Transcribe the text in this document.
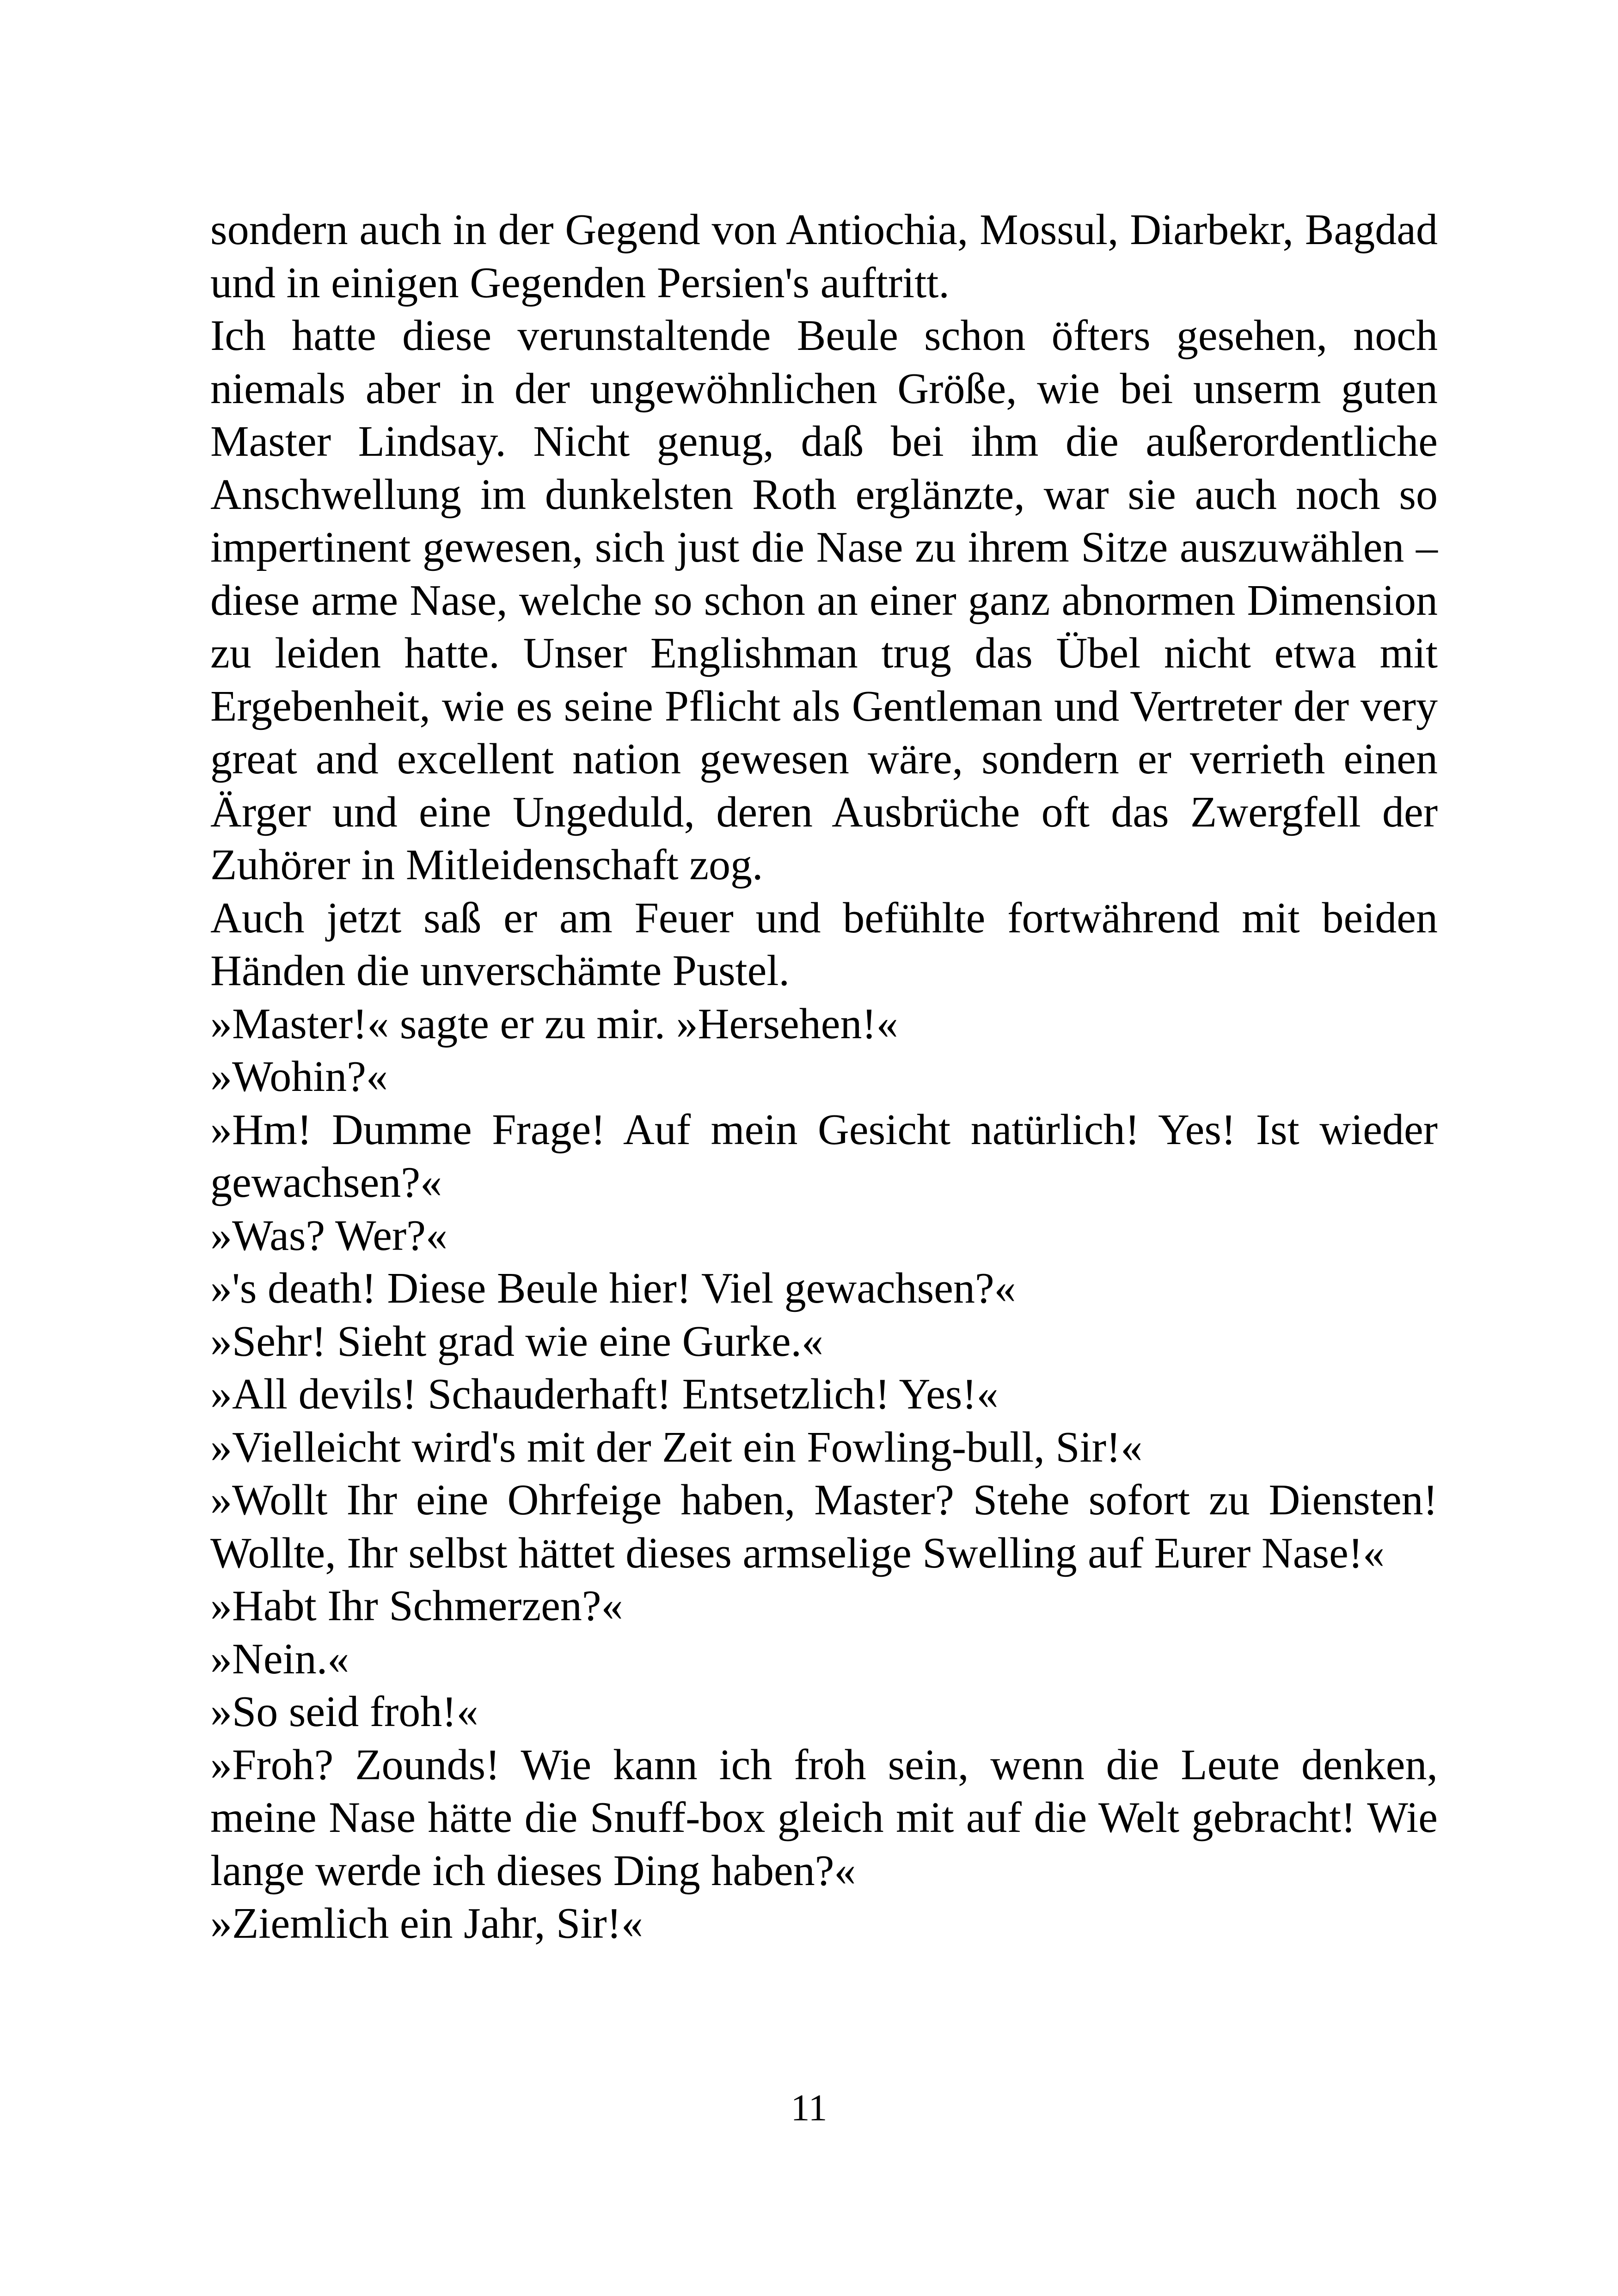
sondern auch in der Gegend von Antiochia, Mossul, Diarbekr, Bagdad und in einigen Gegenden Persien's auftritt.

Ich hatte diese verunstaltende Beule schon öfters gesehen, noch niemals aber in der ungewöhnlichen Größe, wie bei unserm guten Master Lindsay. Nicht genug, daß bei ihm die außerordentliche Anschwellung im dunkelsten Roth erglänzte, war sie auch noch so impertinent gewesen, sich just die Nase zu ihrem Sitze auszuwählen – diese arme Nase, welche so schon an einer ganz abnormen Dimension zu leiden hatte. Unser Englishman trug das Übel nicht etwa mit Ergebenheit, wie es seine Pflicht als Gentleman und Vertreter der very great and excellent nation gewesen wäre, sondern er verrieth einen Ärger und eine Ungeduld, deren Ausbrüche oft das Zwergfell der Zuhörer in Mitleidenschaft zog.

Auch jetzt saß er am Feuer und befühlte fortwährend mit beiden Händen die unverschämte Pustel.

»Master!« sagte er zu mir. »Hersehen!«

»Wohin?«

»Hm! Dumme Frage! Auf mein Gesicht natürlich! Yes! Ist wieder gewachsen?«

»Was? Wer?«

»'s death! Diese Beule hier! Viel gewachsen?«

»Sehr! Sieht grad wie eine Gurke.«

»All devils! Schauderhaft! Entsetzlich! Yes!«

»Vielleicht wird's mit der Zeit ein Fowling-bull, Sir!«

»Wollt Ihr eine Ohrfeige haben, Master? Stehe sofort zu Diensten! Wollte, Ihr selbst hättet dieses armselige Swelling auf Eurer Nase!«

»Habt Ihr Schmerzen?«

»Nein.«

»So seid froh!«

»Froh? Zounds! Wie kann ich froh sein, wenn die Leute denken, meine Nase hätte die Snuff-box gleich mit auf die Welt gebracht! Wie lange werde ich dieses Ding haben?«

»Ziemlich ein Jahr, Sir!«

11
